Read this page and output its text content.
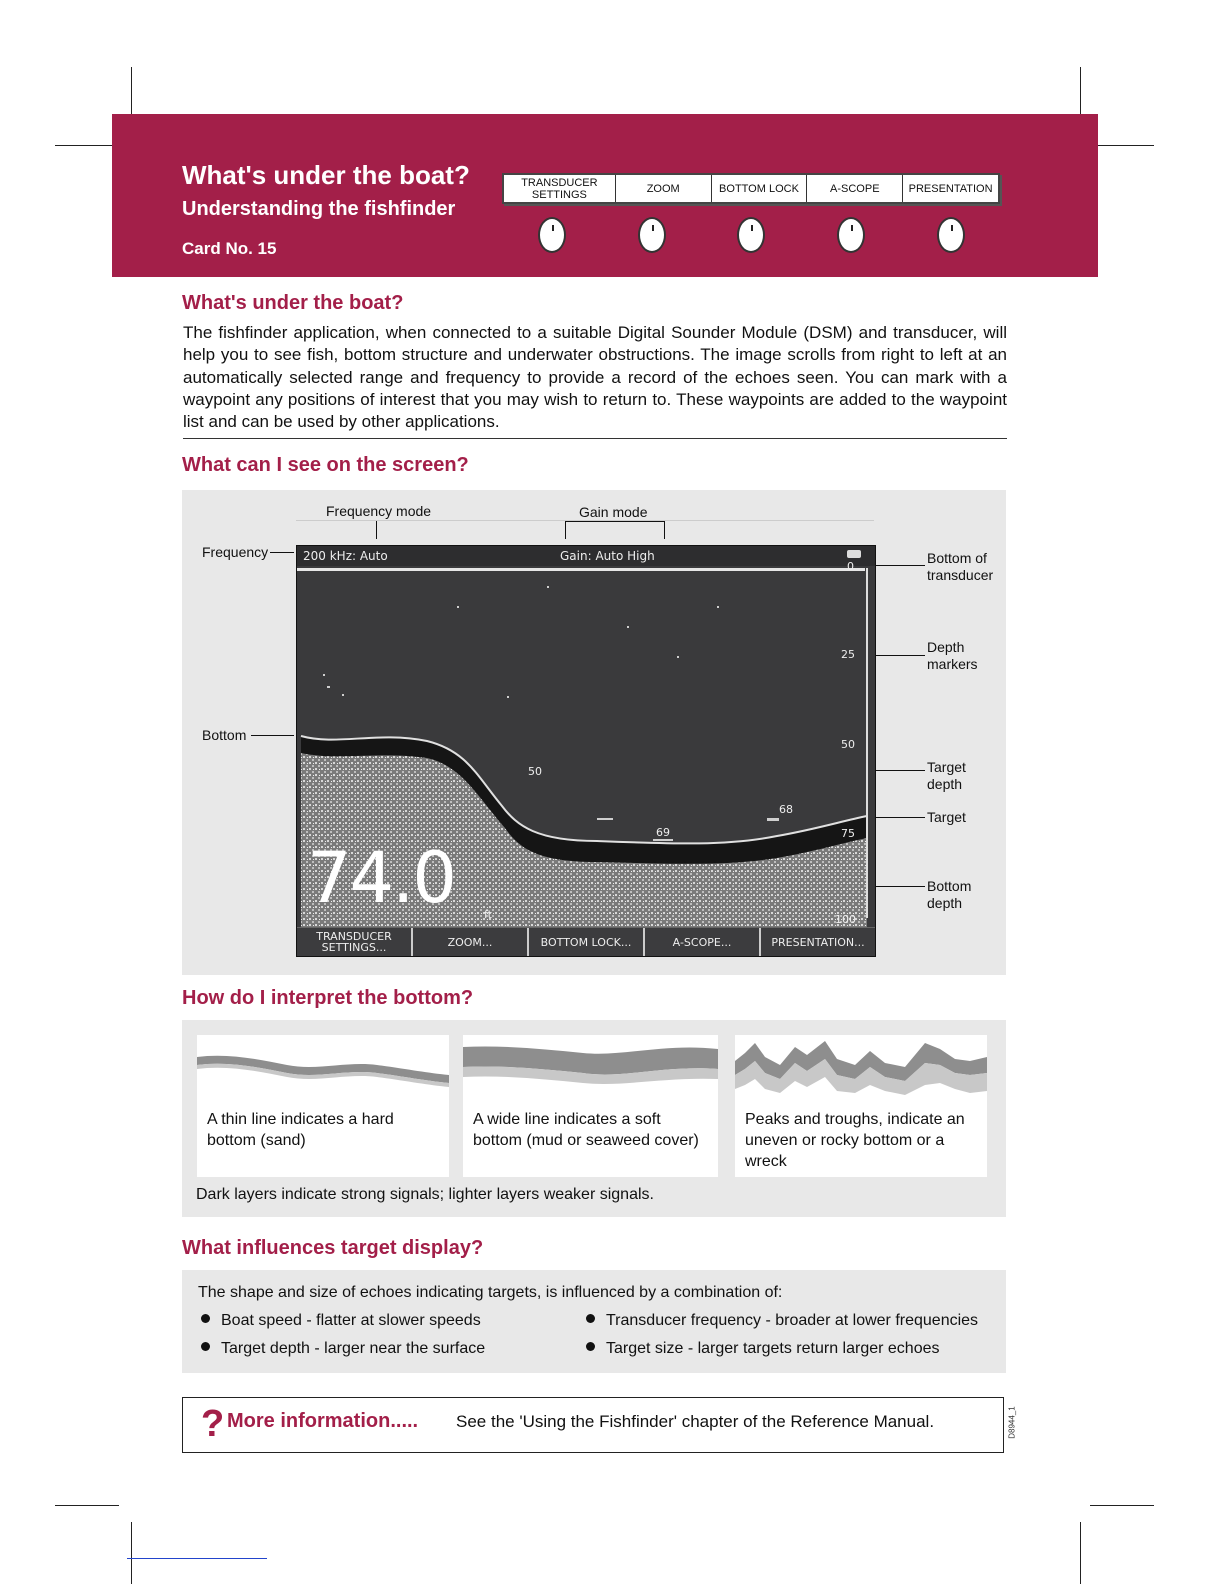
What's under the boat?
Understanding the fishfinder
Card No. 15
TRANSDUCER SETTINGS	ZOOM	BOTTOM LOCK	A-SCOPE	PRESENTATION
What's under the boat?
The fishfinder application, when connected to a suitable Digital Sounder Module (DSM) and transducer, will help you to see fish, bottom structure and underwater obstructions. The image scrolls from right to left at an automatically selected range and frequency to provide a record of the echoes seen. You can mark with a waypoint any positions of interest that you may wish to return to. These waypoints are added to the waypoint list and can be used by other applications.
What can I see on the screen?
Frequency mode	Gain mode
Frequency
Bottom
Bottom of transducer
Depth markers
Target depth
Target
Bottom depth
200 kHz: Auto	Gain: Auto High
0
25
50
75
100
50
69
68
74.0	ft
TRANSDUCER SETTINGS...	ZOOM...	BOTTOM LOCK...	A-SCOPE...	PRESENTATION...
How do I interpret the bottom?
A thin line indicates a hard bottom (sand)
A wide line indicates a soft bottom (mud or seaweed cover)
Peaks and troughs, indicate an uneven or rocky bottom or a wreck
Dark layers indicate strong signals; lighter layers weaker signals.
What influences target display?
The shape and size of echoes indicating targets, is influenced by a combination of:
Boat speed - flatter at slower speeds	Transducer frequency - broader at lower frequencies
Target depth - larger near the surface	Target size - larger targets return larger echoes
? More information..... See the 'Using the Fishfinder' chapter of the Reference Manual.	D8944_1
